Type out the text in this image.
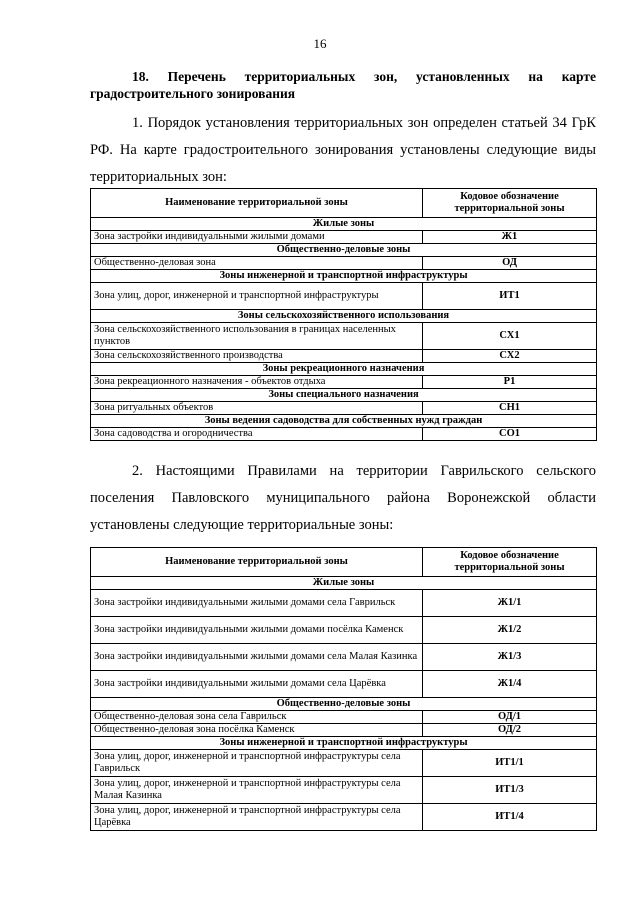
16
18. Перечень территориальных зон, установленных на карте градостроительного зонирования
1. Порядок установления территориальных зон определен статьей 34 ГрК РФ. На карте градостроительного зонирования установлены следующие виды территориальных зон:
Наименование территориальной зоны	Кодовое обозначение территориальной зоны
Жилые зоны	
Зона застройки индивидуальными жилыми домами	Ж1
Общественно-деловые зоны	
Общественно-деловая зона	ОД
Зоны инженерной и транспортной инфраструктуры	
Зона улиц, дорог, инженерной и транспортной инфраструктуры	ИТ1
Зоны сельскохозяйственного использования	
Зона сельскохозяйственного использования в границах населенных пунктов	СХ1
Зона сельскохозяйственного производства	СХ2
Зоны рекреационного назначения	
Зона рекреационного назначения - объектов отдыха	Р1
Зоны специального назначения	
Зона ритуальных объектов	СН1
Зоны ведения садоводства для собственных нужд граждан	
Зона садоводства и огородничества	СО1
2. Настоящими Правилами на территории Гаврильского сельского поселения Павловского муниципального района Воронежской области установлены следующие территориальные зоны:
Наименование территориальной зоны	Кодовое обозначение территориальной зоны
Жилые зоны	
Зона застройки индивидуальными жилыми домами села Гаврильск	Ж1/1
Зона застройки индивидуальными жилыми домами посёлка Каменск	Ж1/2
Зона застройки индивидуальными жилыми домами села Малая Казинка	Ж1/3
Зона застройки индивидуальными жилыми домами села Царёвка	Ж1/4
Общественно-деловые зоны	
Общественно-деловая зона села Гаврильск	ОД/1
Общественно-деловая зона посёлка Каменск	ОД/2
Зоны инженерной и транспортной инфраструктуры	
Зона улиц, дорог, инженерной и транспортной инфраструктуры села Гаврильск	ИТ1/1
Зона улиц, дорог, инженерной и транспортной инфраструктуры села Малая Казинка	ИТ1/3
Зона улиц, дорог, инженерной и транспортной инфраструктуры села Царёвка	ИТ1/4
